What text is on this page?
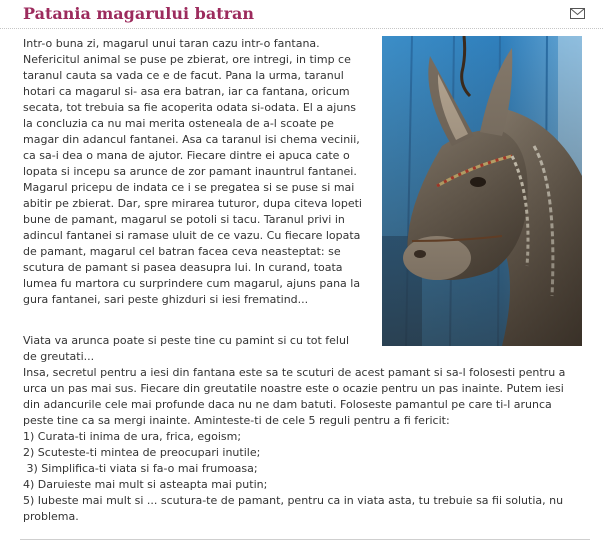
Patania magarului batran

Intr-o buna zi, magarul unui taran cazu intr-o fantana.

Nefericitul animal se puse pe zbierat, ore intregi, in timp ce

taranul cauta sa vada ce e de facut. Pana la urma, taranul

hotari ca magarul si- asa era batran, iar ca fantana, oricum

secata, tot trebuia sa fie acoperita odata si-odata. El a ajuns

la concluzia ca nu mai merita osteneala de a-l scoate pe

magar din adancul fantanei. Asa ca taranul isi chema vecinii,

ca sa-i dea o mana de ajutor. Fiecare dintre ei apuca cate o

lopata si incepu sa arunce de zor pamant inauntrul fantanei.

Magarul pricepu de indata ce i se pregatea si se puse si mai

abitir pe zbierat. Dar, spre mirarea tuturor, dupa citeva lopeti

bune de pamant, magarul se potoli si tacu. Taranul privi in

adincul fantanei si ramase uluit de ce vazu. Cu fiecare lopata

de pamant, magarul cel batran facea ceva neasteptat: se

scutura de pamant si pasea deasupra lui. In curand, toata

lumea fu martora cu surprindere cum magarul, ajuns pana la

gura fantanei, sari peste ghizduri si iesi frematind...

Viata va arunca poate si peste tine cu pamint si cu tot felul

de greutati...

Insa, secretul pentru a iesi din fantana este sa te scuturi de acest pamant si sa-l folosesti pentru a

urca un pas mai sus. Fiecare din greutatile noastre este o ocazie pentru un pas inainte. Putem iesi

din adancurile cele mai profunde daca nu ne dam batuti. Foloseste pamantul pe care ti-l arunca

peste tine ca sa mergi inainte. Aminteste-ti de cele 5 reguli pentru a fi fericit:

1) Curata-ti inima de ura, frica, egoism;

2) Scuteste-ti mintea de preocupari inutile;

3) Simplifica-ti viata si fa-o mai frumoasa;

4) Daruieste mai mult si asteapta mai putin;

5) Iubeste mai mult si ... scutura-te de pamant, pentru ca in viata asta, tu trebuie sa fii solutia, nu

problema.
